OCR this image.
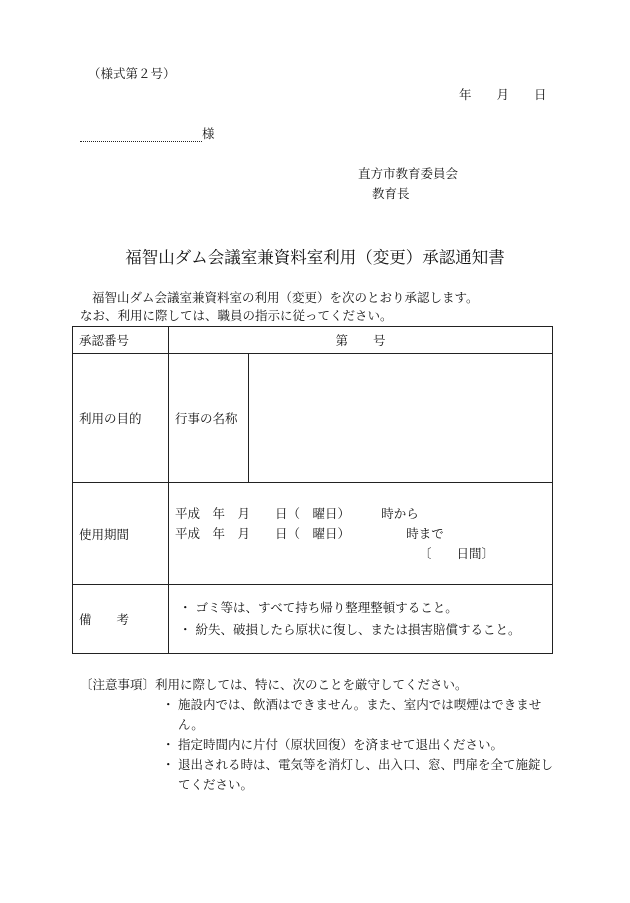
（様式第２号）
年　　月　　日
様
直方市教育委員会
教育長
福智山ダム会議室兼資料室利用（変更）承認通知書
福智山ダム会議室兼資料室の利用（変更）を次のとおり承認します。
なお、利用に際しては、職員の指示に従ってください。
承認番号	第　　号	
利用の目的	行事の名称	
使用期間	平成　年　月　　日（　曜日）　　　時から
平成　年　月　　日（　曜日）　　　　　時まで
〔　　日間〕	

備　　考	・ ゴミ等は、すべて持ち帰り整理整頓すること。
・ 紛失、破損したら原状に復し、または損害賠償すること。	
〔注意事項〕利用に際しては、特に、次のことを厳守してください。
・ 施設内では、飲酒はできません。また、室内では喫煙はできません。
・ 指定時間内に片付（原状回復）を済ませて退出ください。
・ 退出される時は、電気等を消灯し、出入口、窓、門扉を全て施錠してください。
